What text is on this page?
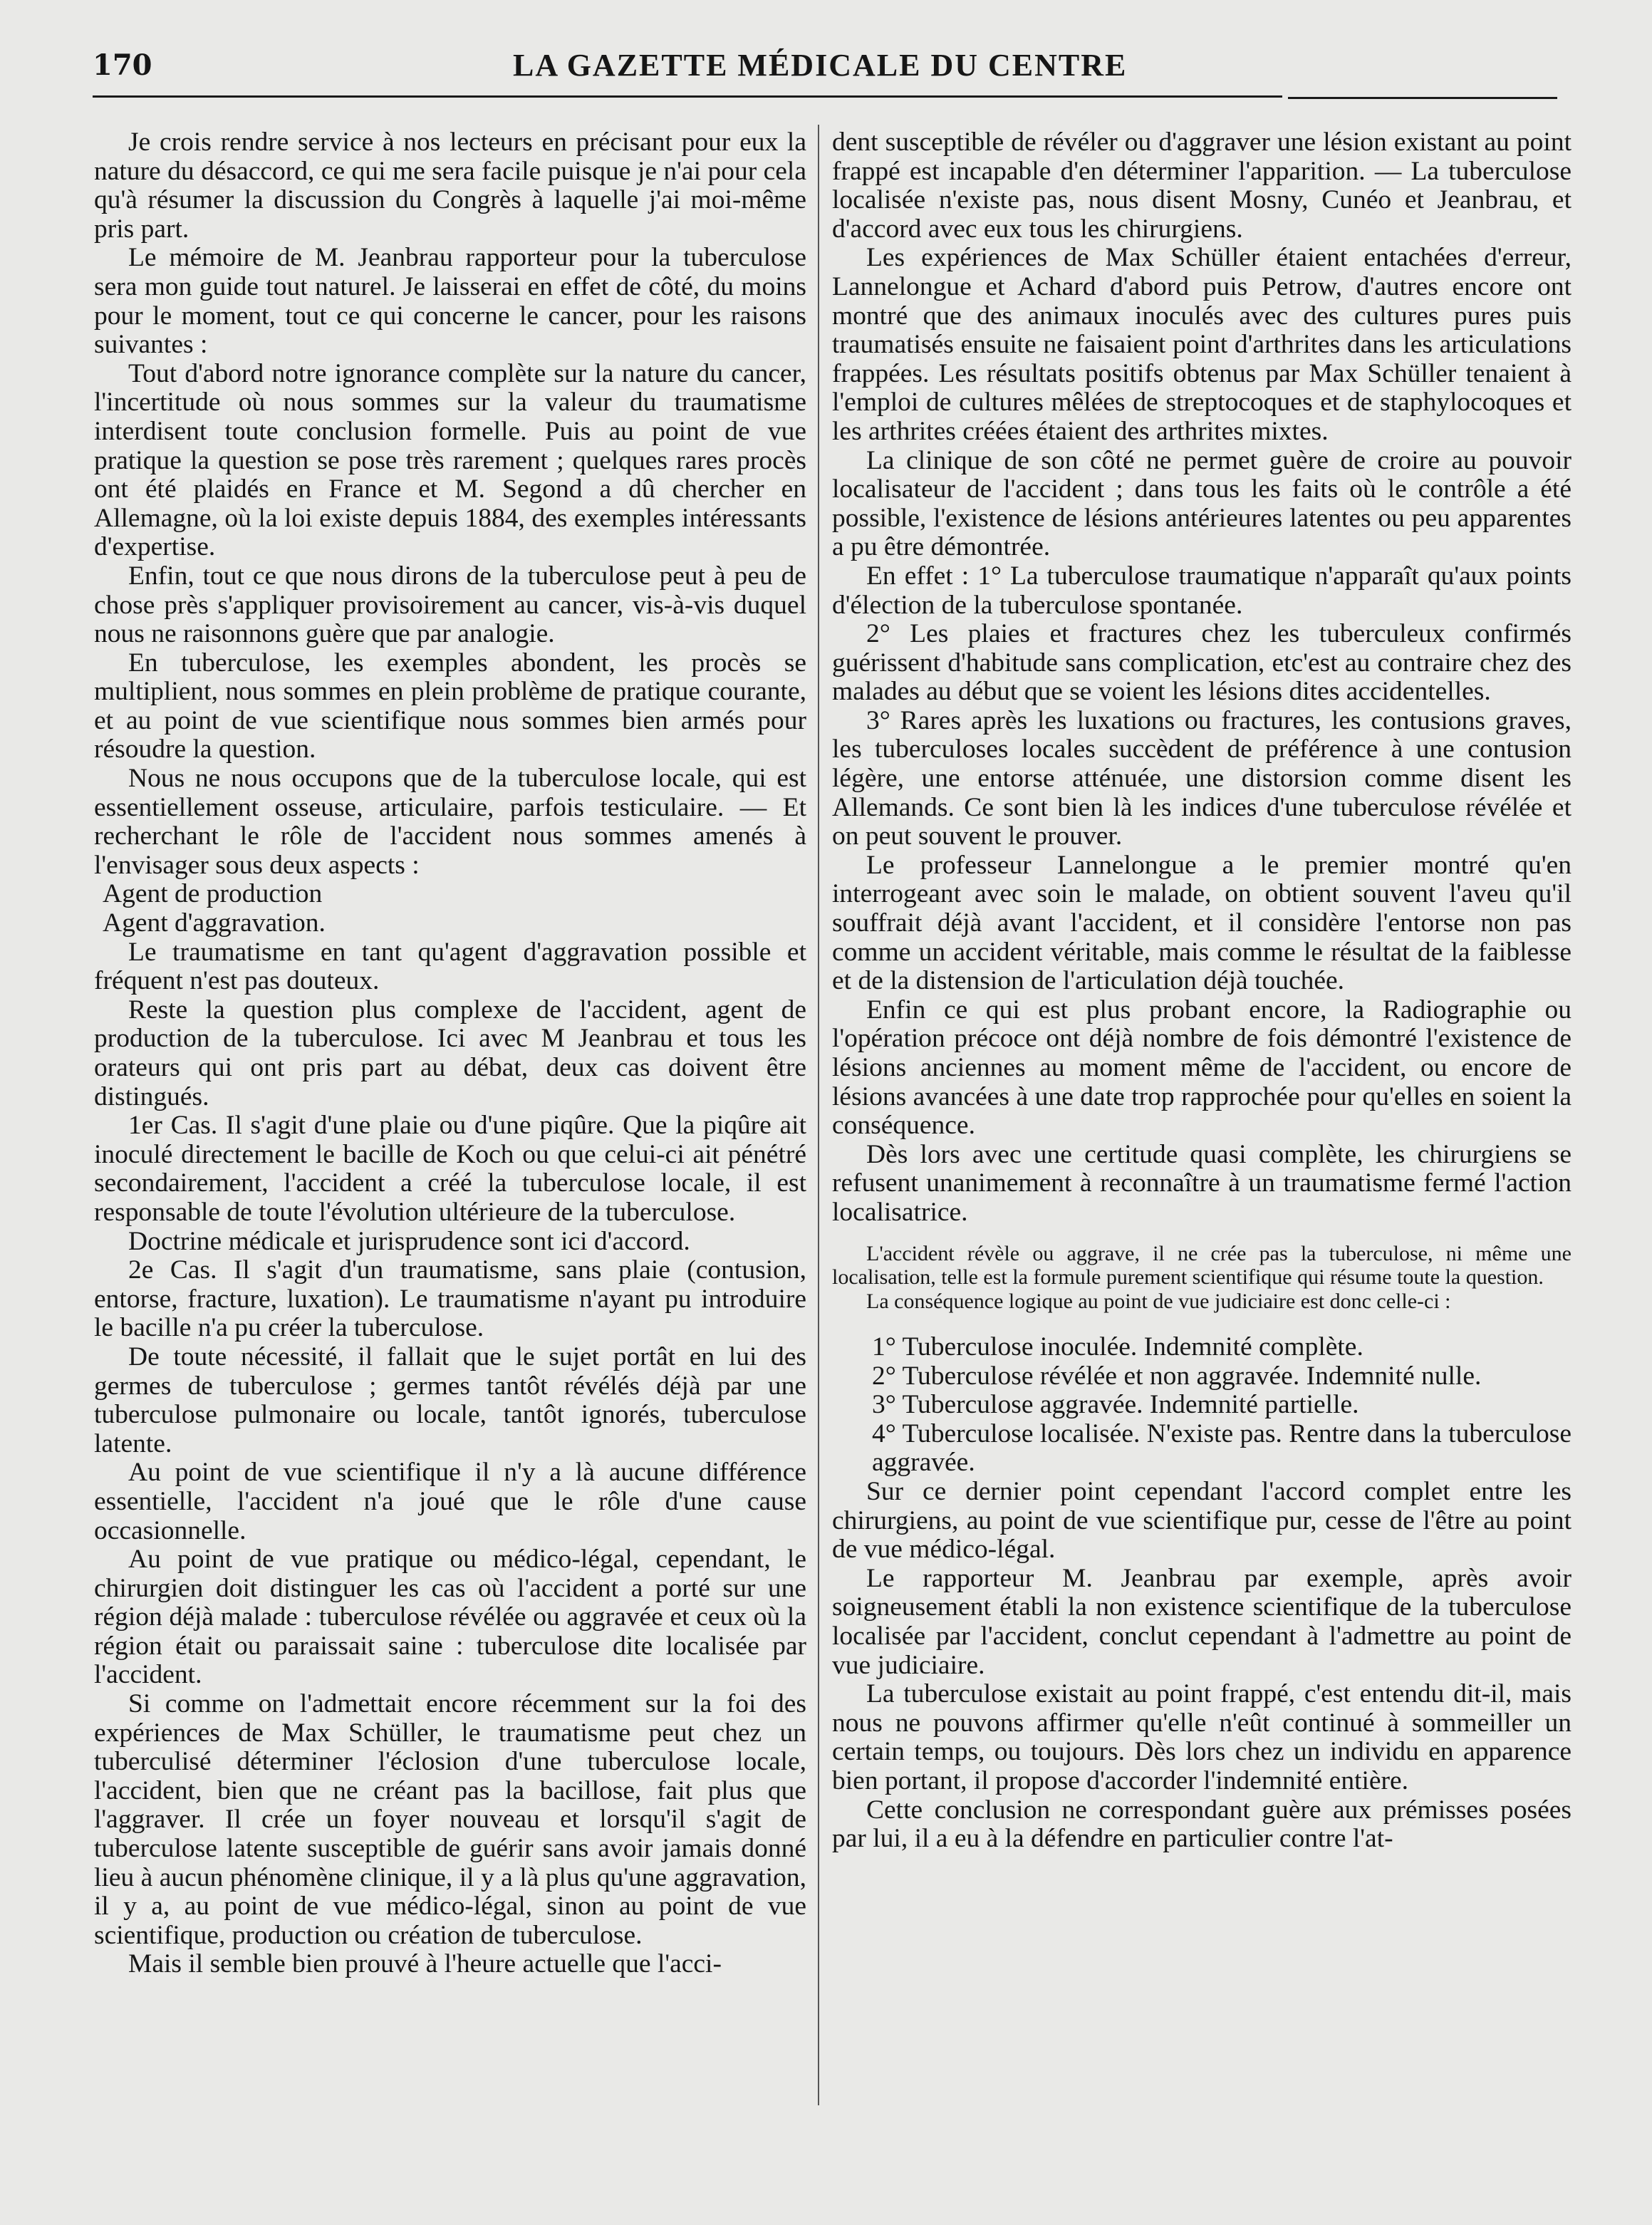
170	LA GAZETTE MÉDICALE DU CENTRE

Je crois rendre service à nos lecteurs en précisant pour eux la nature du désaccord, ce qui me sera facile puisque je n'ai pour cela qu'à résumer la discussion du Congrès à laquelle j'ai moi-même pris part.

Le mémoire de M. Jeanbrau rapporteur pour la tuberculose sera mon guide tout naturel. Je laisserai en effet de côté, du moins pour le moment, tout ce qui concerne le cancer, pour les raisons suivantes :

Tout d'abord notre ignorance complète sur la nature du cancer, l'incertitude où nous sommes sur la valeur du traumatisme interdisent toute conclusion formelle. Puis au point de vue pratique la question se pose très rarement ; quelques rares procès ont été plaidés en France et M. Segond a dû chercher en Allemagne, où la loi existe depuis 1884, des exemples intéressants d'expertise.

Enfin, tout ce que nous dirons de la tuberculose peut à peu de chose près s'appliquer provisoirement au cancer, vis-à-vis duquel nous ne raisonnons guère que par analogie.

En tuberculose, les exemples abondent, les procès se multiplient, nous sommes en plein problème de pratique courante, et au point de vue scientifique nous sommes bien armés pour résoudre la question.

Nous ne nous occupons que de la tuberculose locale, qui est essentiellement osseuse, articulaire, parfois testiculaire. — Et recherchant le rôle de l'accident nous sommes amenés à l'envisager sous deux aspects :

Agent de production

Agent d'aggravation.

Le traumatisme en tant qu'agent d'aggravation possible et fréquent n'est pas douteux.

Reste la question plus complexe de l'accident, agent de production de la tuberculose. Ici avec M Jeanbrau et tous les orateurs qui ont pris part au débat, deux cas doivent être distingués.

1er Cas. Il s'agit d'une plaie ou d'une piqûre. Que la piqûre ait inoculé directement le bacille de Koch ou que celui-ci ait pénétré secondairement, l'accident a créé la tuberculose locale, il est responsable de toute l'évolution ultérieure de la tuberculose.

Doctrine médicale et jurisprudence sont ici d'accord.

2e Cas. Il s'agit d'un traumatisme, sans plaie (contusion, entorse, fracture, luxation). Le traumatisme n'ayant pu introduire le bacille n'a pu créer la tuberculose.

De toute nécessité, il fallait que le sujet portât en lui des germes de tuberculose ; germes tantôt révélés déjà par une tuberculose pulmonaire ou locale, tantôt ignorés, tuberculose latente.

Au point de vue scientifique il n'y a là aucune différence essentielle, l'accident n'a joué que le rôle d'une cause occasionnelle.

Au point de vue pratique ou médico-légal, cependant, le chirurgien doit distinguer les cas où l'accident a porté sur une région déjà malade : tuberculose révélée ou aggravée et ceux où la région était ou paraissait saine : tuberculose dite localisée par l'accident.

Si comme on l'admettait encore récemment sur la foi des expériences de Max Schüller, le traumatisme peut chez un tuberculisé déterminer l'éclosion d'une tuberculose locale, l'accident, bien que ne créant pas la bacillose, fait plus que l'aggraver. Il crée un foyer nouveau et lorsqu'il s'agit de tuberculose latente susceptible de guérir sans avoir jamais donné lieu à aucun phénomène clinique, il y a là plus qu'une aggravation, il y a, au point de vue médico-légal, sinon au point de vue scientifique, production ou création de tuberculose.

Mais il semble bien prouvé à l'heure actuelle que l'acci-

dent susceptible de révéler ou d'aggraver une lésion existant au point frappé est incapable d'en déterminer l'apparition. — La tuberculose localisée n'existe pas, nous disent Mosny, Cunéo et Jeanbrau, et d'accord avec eux tous les chirurgiens.

Les expériences de Max Schüller étaient entachées d'erreur, Lannelongue et Achard d'abord puis Petrow, d'autres encore ont montré que des animaux inoculés avec des cultures pures puis traumatisés ensuite ne faisaient point d'arthrites dans les articulations frappées. Les résultats positifs obtenus par Max Schüller tenaient à l'emploi de cultures mêlées de streptocoques et de staphylocoques et les arthrites créées étaient des arthrites mixtes.

La clinique de son côté ne permet guère de croire au pouvoir localisateur de l'accident ; dans tous les faits où le contrôle a été possible, l'existence de lésions antérieures latentes ou peu apparentes a pu être démontrée.

En effet : 1° La tuberculose traumatique n'apparaît qu'aux points d'élection de la tuberculose spontanée.

2° Les plaies et fractures chez les tuberculeux confirmés guérissent d'habitude sans complication, etc'est au contraire chez des malades au début que se voient les lésions dites accidentelles.

3° Rares après les luxations ou fractures, les contusions graves, les tuberculoses locales succèdent de préférence à une contusion légère, une entorse atténuée, une distorsion comme disent les Allemands. Ce sont bien là les indices d'une tuberculose révélée et on peut souvent le prouver.

Le professeur Lannelongue a le premier montré qu'en interrogeant avec soin le malade, on obtient souvent l'aveu qu'il souffrait déjà avant l'accident, et il considère l'entorse non pas comme un accident véritable, mais comme le résultat de la faiblesse et de la distension de l'articulation déjà touchée.

Enfin ce qui est plus probant encore, la Radiographie ou l'opération précoce ont déjà nombre de fois démontré l'existence de lésions anciennes au moment même de l'accident, ou encore de lésions avancées à une date trop rapprochée pour qu'elles en soient la conséquence.

Dès lors avec une certitude quasi complète, les chirurgiens se refusent unanimement à reconnaître à un traumatisme fermé l'action localisatrice.

L'accident révèle ou aggrave, il ne crée pas la tuberculose, ni même une localisation, telle est la formule purement scientifique qui résume toute la question.

La conséquence logique au point de vue judiciaire est donc celle-ci :

1° Tuberculose inoculée. Indemnité complète.

2° Tuberculose révélée et non aggravée. Indemnité nulle.

3° Tuberculose aggravée. Indemnité partielle.

4° Tuberculose localisée. N'existe pas. Rentre dans la tuberculose aggravée.

Sur ce dernier point cependant l'accord complet entre les chirurgiens, au point de vue scientifique pur, cesse de l'être au point de vue médico-légal.

Le rapporteur M. Jeanbrau par exemple, après avoir soigneusement établi la non existence scientifique de la tuberculose localisée par l'accident, conclut cependant à l'admettre au point de vue judiciaire.

La tuberculose existait au point frappé, c'est entendu dit-il, mais nous ne pouvons affirmer qu'elle n'eût continué à sommeiller un certain temps, ou toujours. Dès lors chez un individu en apparence bien portant, il propose d'accorder l'indemnité entière.

Cette conclusion ne correspondant guère aux prémisses posées par lui, il a eu à la défendre en particulier contre l'at-
